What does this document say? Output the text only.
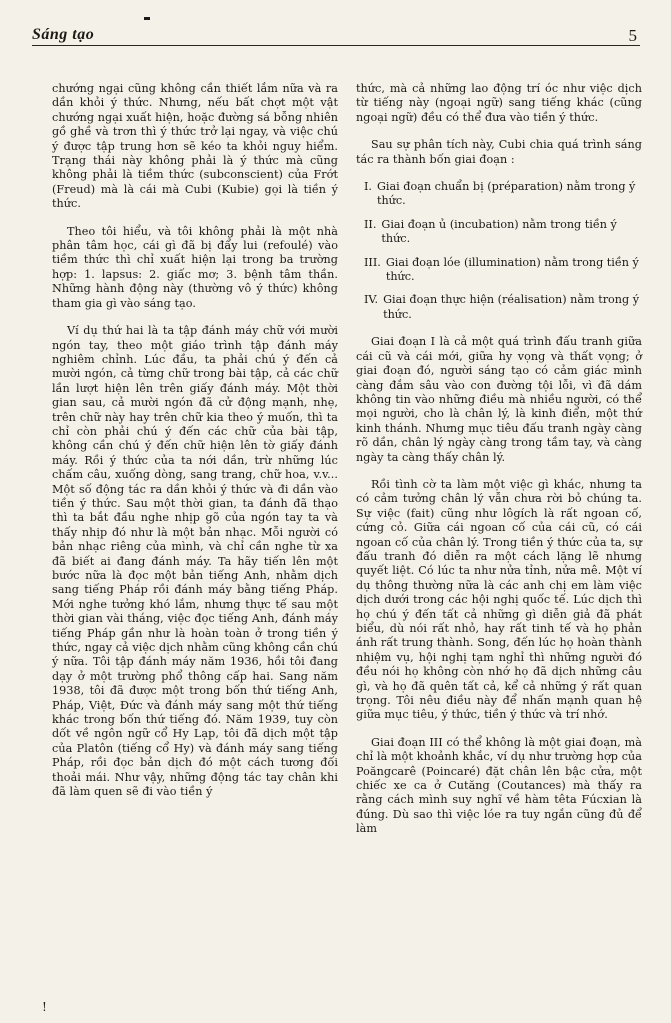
Sáng tạo	5

chướng ngại cũng không cần thiết lắm nữa và ra dần khỏi ý thức. Nhưng, nếu bất chợt một vật chướng ngại xuất hiện, hoặc đường sá bỗng nhiên gồ ghề và trơn thì ý thức trở lại ngay, và việc chú ý được tập trung hơn sẽ kéo ta khỏi nguy hiểm. Trạng thái này không phải là ý thức mà cũng không phải là tiềm thức (subconscient) của Frớt (Freud) mà là cái mà Cubi (Kubie) gọi là tiền ý thức.

Theo tôi hiểu, và tôi không phải là một nhà phân tâm học, cái gì đã bị đẩy lui (refoulé) vào tiềm thức thì chỉ xuất hiện lại trong ba trường hợp: 1. lapsus: 2. giấc mơ; 3. bệnh tâm thần. Những hành động này (thường vô ý thức) không tham gia gì vào sáng tạo.

Ví dụ thứ hai là ta tập đánh máy chữ với mười ngón tay, theo một giáo trình tập đánh máy nghiêm chỉnh. Lúc đầu, ta phải chú ý đến cả mười ngón, cả từng chữ trong bài tập, cả các chữ lần lượt hiện lên trên giấy đánh máy. Một thời gian sau, cả mười ngón đã cử động mạnh, nhẹ, trên chữ này hay trên chữ kia theo ý muốn, thì ta chỉ còn phải chú ý đến các chữ của bài tập, không cần chú ý đến chữ hiện lên tờ giấy đánh máy. Rồi ý thức của ta nới dần, trừ những lúc chấm câu, xuống dòng, sang trang, chữ hoa, v.v... Một số động tác ra dần khỏi ý thức và đi dần vào tiền ý thức. Sau một thời gian, ta đánh đã thạo thì ta bắt đầu nghe nhịp gõ của ngón tay ta và thấy nhịp đó như là một bản nhạc. Mỗi người có bản nhạc riêng của mình, và chỉ cần nghe từ xa đã biết ai đang đánh máy. Ta hãy tiến lên một bước nữa là đọc một bản tiếng Anh, nhằm dịch sang tiếng Pháp rồi đánh máy bằng tiếng Pháp. Mới nghe tưởng khó lắm, nhưng thực tế sau một thời gian vài tháng, việc đọc tiếng Anh, đánh máy tiếng Pháp gần như là hoàn toàn ở trong tiền ý thức, ngay cả việc dịch nhằm cũng không cần chú ý nữa. Tôi tập đánh máy năm 1936, hồi tôi đang dạy ở một trường phổ thông cấp hai. Sang năm 1938, tôi đã được một trong bốn thứ tiếng Anh, Pháp, Việt, Đức và đánh máy sang một thứ tiếng khác trong bốn thứ tiếng đó. Năm 1939, tuy còn dốt về ngôn ngữ cổ Hy Lạp, tôi đã dịch một tập của Platôn (tiếng cổ Hy) và đánh máy sang tiếng Pháp, rồi đọc bản dịch đó một cách tương đối thoải mái. Như vậy, những động tác tay chân khi đã làm quen sẽ đi vào tiền ý

thức, mà cả những lao động trí óc như việc dịch từ tiếng này (ngoại ngữ) sang tiếng khác (cũng ngoại ngữ) đều có thể đưa vào tiền ý thức.

Sau sự phân tích này, Cubi chia quá trình sáng tác ra thành bốn giai đoạn :

I. Giai đoạn chuẩn bị (préparation) nằm trong ý thức.
II. Giai đoạn ủ (incubation) nằm trong tiền ý thức.
III. Giai đoạn lóe (illumination) nằm trong tiền ý thức.
IV. Giai đoạn thực hiện (réalisation) nằm trong ý thức.

Giai đoạn I là cả một quá trình đấu tranh giữa cái cũ và cái mới, giữa hy vọng và thất vọng; ở giai đoạn đó, người sáng tạo có cảm giác mình càng đắm sâu vào con đường tội lỗi, vì đã dám không tin vào những điều mà nhiều người, có thể mọi người, cho là chân lý, là kinh điển, một thứ kinh thánh. Nhưng mục tiêu đấu tranh ngày càng rõ dần, chân lý ngày càng trong tầm tay, và càng ngày ta càng thấy chân lý.

Rồi tình cờ ta làm một việc gì khác, nhưng ta có cảm tưởng chân lý vẫn chưa rời bỏ chúng ta. Sự việc (fait) cũng như lôgích là rất ngoan cố, cứng cỏ. Giữa cái ngoan cố của cái cũ, có cái ngoan cố của chân lý. Trong tiền ý thức của ta, sự đấu tranh đó diễn ra một cách lặng lẽ nhưng quyết liệt. Có lúc ta như nửa tỉnh, nửa mê. Một ví dụ thông thường nữa là các anh chị em làm việc dịch dưới trong các hội nghị quốc tế. Lúc dịch thì họ chú ý đến tất cả những gì diễn giả đã phát biểu, dù nói rất nhỏ, hay rất tinh tế và họ phản ánh rất trung thành. Song, đến lúc họ hoàn thành nhiệm vụ, hội nghị tạm nghỉ thì những người đó đều nói họ không còn nhớ họ đã dịch những câu gì, và họ đã quên tất cả, kể cả những ý rất quan trọng. Tôi nêu điều này để nhấn mạnh quan hệ giữa mục tiêu, ý thức, tiền ý thức và trí nhớ.

Giai đoạn III có thể không là một giai đoạn, mà chỉ là một khoảnh khắc, ví dụ như trường hợp của Poăngcarê (Poincaré) đặt chân lên bậc cửa, một chiếc xe ca ở Cutăng (Coutances) mà thấy ra rằng cách mình suy nghĩ về hàm têta Fúcxian là đúng. Dù sao thì việc lóe ra tuy ngắn cũng đủ để làm

!
